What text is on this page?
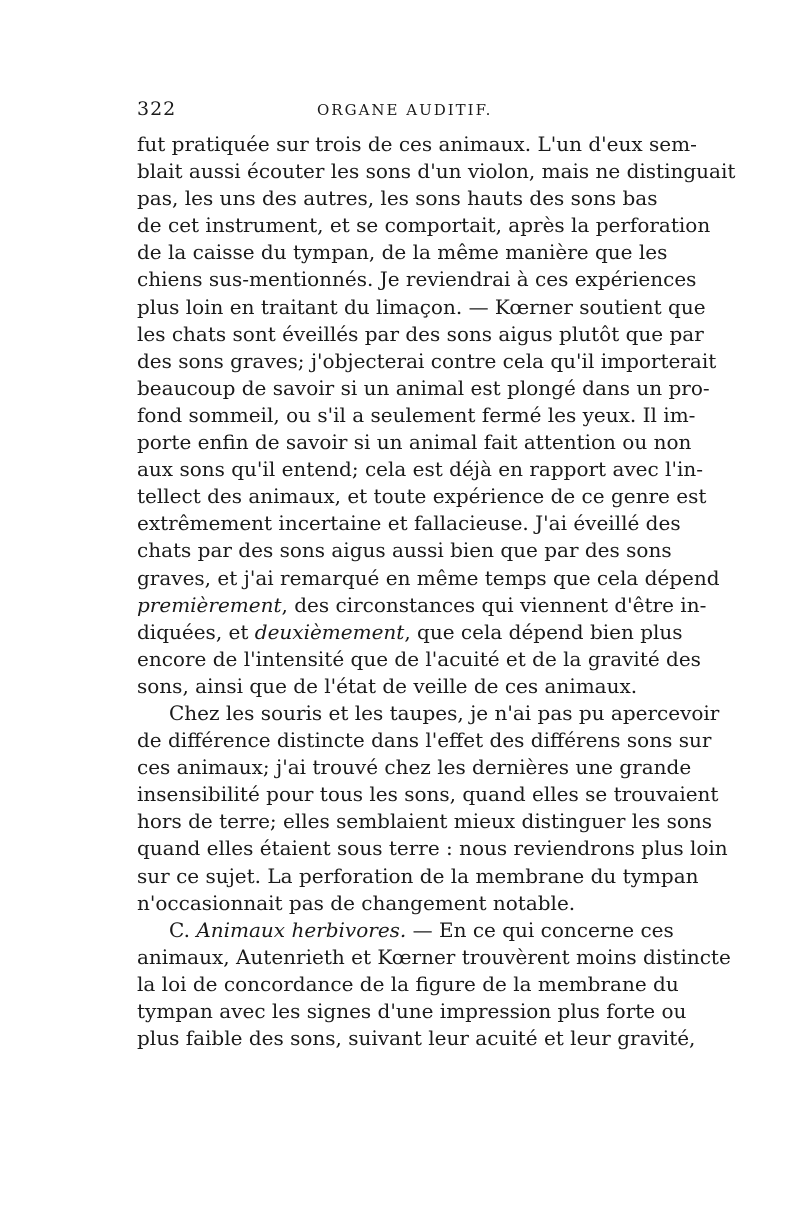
322	ORGANE AUDITIF.
fut pratiquée sur trois de ces animaux. L'un d'eux sem-
blait aussi écouter les sons d'un violon, mais ne distinguait
pas, les uns des autres, les sons hauts des sons bas
de cet instrument, et se comportait, après la perforation
de la caisse du tympan, de la même manière que les
chiens sus-mentionnés. Je reviendrai à ces expériences
plus loin en traitant du limaçon. — Kœrner soutient que
les chats sont éveillés par des sons aigus plutôt que par
des sons graves; j'objecterai contre cela qu'il importerait
beaucoup de savoir si un animal est plongé dans un pro-
fond sommeil, ou s'il a seulement fermé les yeux. Il im-
porte enfin de savoir si un animal fait attention ou non
aux sons qu'il entend; cela est déjà en rapport avec l'in-
tellect des animaux, et toute expérience de ce genre est
extrêmement incertaine et fallacieuse. J'ai éveillé des
chats par des sons aigus aussi bien que par des sons
graves, et j'ai remarqué en même temps que cela dépend
premièrement, des circonstances qui viennent d'être in-
diquées, et deuxièmement, que cela dépend bien plus
encore de l'intensité que de l'acuité et de la gravité des
sons, ainsi que de l'état de veille de ces animaux.
Chez les souris et les taupes, je n'ai pas pu apercevoir
de différence distincte dans l'effet des différens sons sur
ces animaux; j'ai trouvé chez les dernières une grande
insensibilité pour tous les sons, quand elles se trouvaient
hors de terre; elles semblaient mieux distinguer les sons
quand elles étaient sous terre : nous reviendrons plus loin
sur ce sujet. La perforation de la membrane du tympan
n'occasionnait pas de changement notable.
C. Animaux herbivores. — En ce qui concerne ces
animaux, Autenrieth et Kœrner trouvèrent moins distincte
la loi de concordance de la figure de la membrane du
tympan avec les signes d'une impression plus forte ou
plus faible des sons, suivant leur acuité et leur gravité,
